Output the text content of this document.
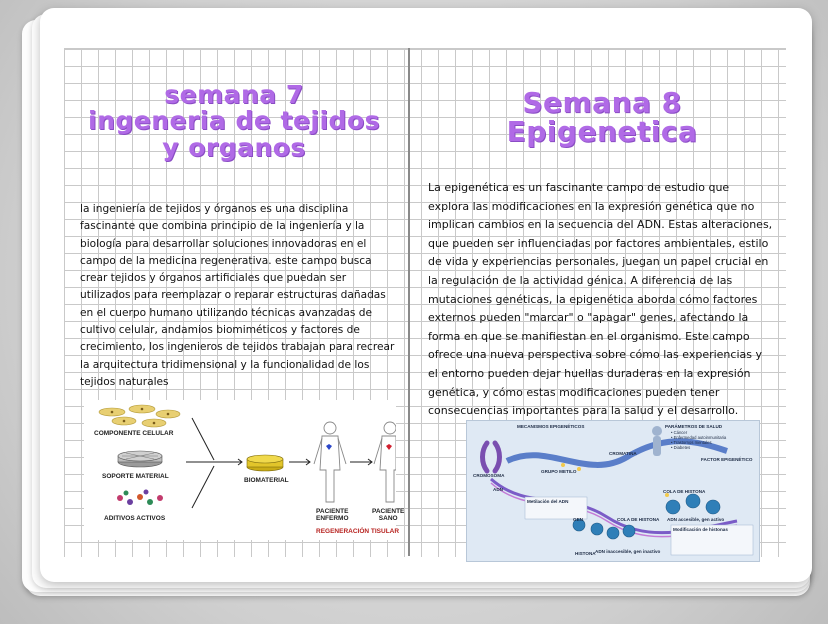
semana 7
ingeneria de tejidos
y organos
la ingeniería de tejidos y órganos es una disciplina fascinante que combina principio de la ingeniería y la biología para desarrollar soluciones innovadoras en el campo de la medicina regenerativa. este campo busca crear tejidos y órganos artificiales que puedan ser utilizados para reemplazar o reparar estructuras dañadas en el cuerpo humano utilizando técnicas avanzadas de cultivo celular, andamios biomiméticos y factores de crecimiento, los ingenieros de tejidos trabajan para recrear la arquitectura tridimensional y la funcionalidad de los tejidos naturales
COMPONENTE CELULAR
SOPORTE MATERIAL
ADITIVOS ACTIVOS
BIOMATERIAL
PACIENTE
ENFERMO
PACIENTE
SANO
REGENERACIÓN TISULAR
Semana 8
Epigenetica
La epigenética es un fascinante campo de estudio que explora las modificaciones en la expresión genética que no implican cambios en la secuencia del ADN. Estas alteraciones, que pueden ser influenciadas por factores ambientales, estilo de vida y experiencias personales, juegan un papel crucial en la regulación de la actividad génica. A diferencia de las mutaciones genéticas, la epigenética aborda cómo factores externos pueden "marcar" o "apagar" genes, afectando la forma en que se manifiestan en el organismo. Este campo ofrece una nueva perspectiva sobre cómo las experiencias y el entorno pueden dejar huellas duraderas en la expresión genética, y cómo estas modificaciones pueden tener consecuencias importantes para la salud y el desarrollo.
MECANISMOS EPIGENÉTICOS	PARÁMETROS DE SALUD
• Cáncer
• Enfermedad autoinmunitaria
• Trastornos mentales
• Diabetes
CROMOSOMA
CROMATINA
GRUPO METILO
FACTOR EPIGENÉTICO
ADN
Metilación del ADN
COLA DE HISTONA
COLA DE HISTONA
GEN
HISTONA
ADN accesible, gen activo
ADN inaccesible, gen inactivo
Modificación de histonas
